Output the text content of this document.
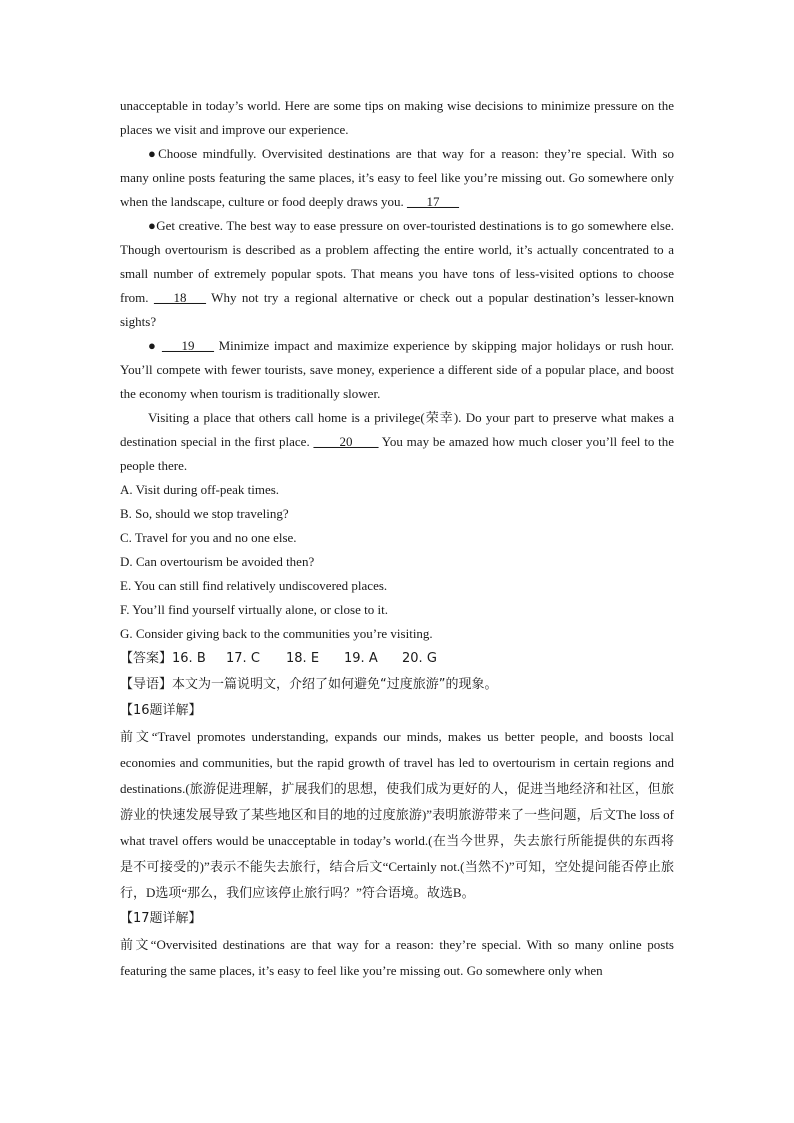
unacceptable in today’s world. Here are some tips on making wise decisions to minimize pressure on the places we visit and improve our experience.

●Choose mindfully. Overvisited destinations are that way for a reason: they’re special. With so many online posts featuring the same places, it’s easy to feel like you’re missing out. Go somewhere only when the landscape, culture or food deeply draws you. ___17___

●Get creative. The best way to ease pressure on over-touristed destinations is to go somewhere else. Though overtourism is described as a problem affecting the entire world, it’s actually concentrated to a small number of extremely popular spots. That means you have tons of less-visited options to choose from. ___18___ Why not try a regional alternative or check out a popular destination’s lesser-known sights?

● ___19___ Minimize impact and maximize experience by skipping major holidays or rush hour. You’ll compete with fewer tourists, save money, experience a different side of a popular place, and boost the economy when tourism is traditionally slower.

Visiting a place that others call home is a privilege(荣幸). Do your part to preserve what makes a destination special in the first place. ____20____ You may be amazed how much closer you’ll feel to the people there.

A. Visit during off-peak times.

B. So, should we stop traveling?

C. Travel for you and no one else.

D. Can overtourism be avoided then?

E. You can still find relatively undiscovered places.

F. You’ll find yourself virtually alone, or close to it.

G. Consider giving back to the communities you’re visiting.

【答案】16. B 17. C 18. E 19. A 20. G

【导语】本文为一篇说明文，介绍了如何避免“过度旅游”的现象。

【16题详解】

前文“Travel promotes understanding, expands our minds, makes us better people, and boosts local economies and communities, but the rapid growth of travel has led to overtourism in certain regions and destinations.(旅游促进理解，扩展我们的思想，使我们成为更好的人，促进当地经济和社区，但旅游业的快速发展导致了某些地区和目的地的过度旅游)”表明旅游带来了一些问题，后文The loss of what travel offers would be unacceptable in today’s world.(在当今世界，失去旅行所能提供的东西将是不可接受的)”表示不能失去旅行，结合后文“Certainly not.(当然不)”可知，空处提问能否停止旅行，D选项“那么，我们应该停止旅行吗？”符合语境。故选B。

【17题详解】

前文“Overvisited destinations are that way for a reason: they’re special. With so many online posts featuring the same places, it’s easy to feel like you’re missing out. Go somewhere only when
